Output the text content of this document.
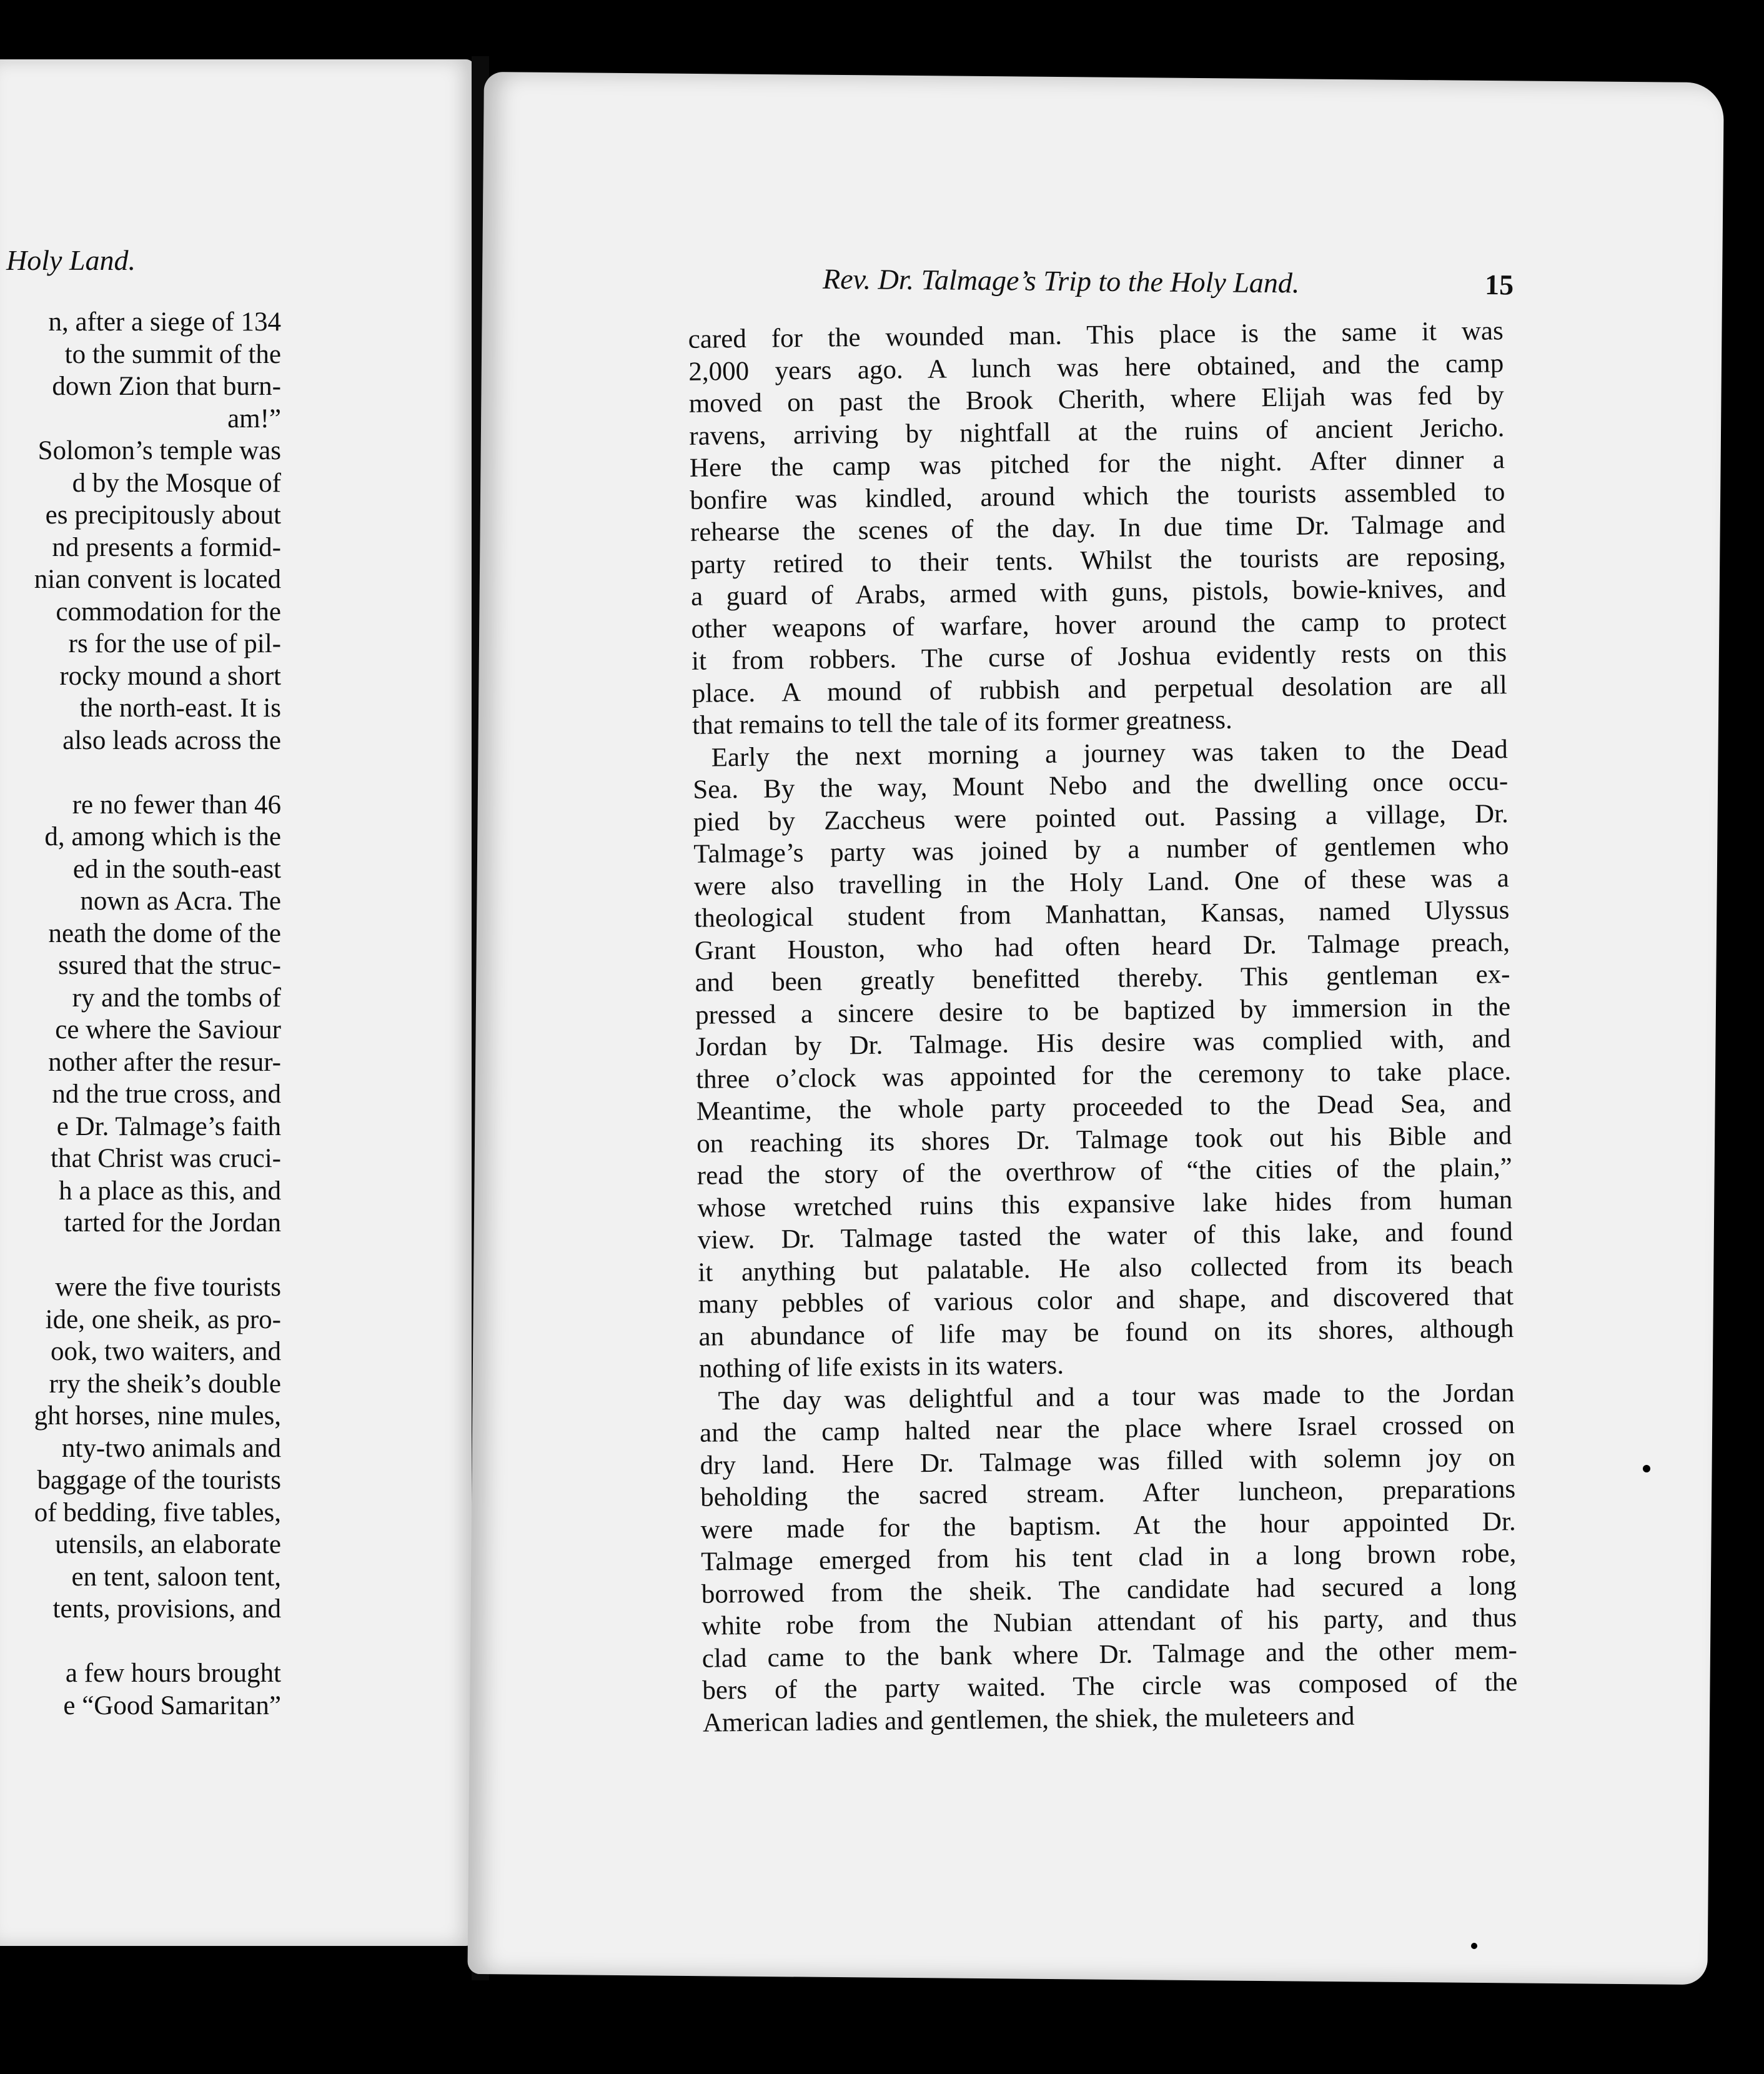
Holy Land.
n, after a siege of 134
to the summit of the
down Zion that burn-
am!”
Solomon’s temple was
d by the Mosque of
es precipitously about
nd presents a formid-
nian convent is located
commodation for the
rs for the use of pil-
rocky mound a short
the north-east. It is
also leads across the
re no fewer than 46
d, among which is the
ed in the south-east
nown as Acra. The
neath the dome of the
ssured that the struc-
ry and the tombs of
ce where the Saviour
nother after the resur-
nd the true cross, and
e Dr. Talmage’s faith
that Christ was cruci-
h a place as this, and
tarted for the Jordan
were the five tourists
ide, one sheik, as pro-
ook, two waiters, and
rry the sheik’s double
ght horses, nine mules,
nty-two animals and
baggage of the tourists
of bedding, five tables,
utensils, an elaborate
en tent, saloon tent,
tents, provisions, and
a few hours brought
e “Good Samaritan”
Rev. Dr. Talmage’s Trip to the Holy Land.	15
cared for the wounded man. This place is the same it was
2,000 years ago. A lunch was here obtained, and the camp
moved on past the Brook Cherith, where Elijah was fed by
ravens, arriving by nightfall at the ruins of ancient Jericho.
Here the camp was pitched for the night. After dinner a
bonfire was kindled, around which the tourists assembled to
rehearse the scenes of the day. In due time Dr. Talmage and
party retired to their tents. Whilst the tourists are reposing,
a guard of Arabs, armed with guns, pistols, bowie-knives, and
other weapons of warfare, hover around the camp to protect
it from robbers. The curse of Joshua evidently rests on this
place. A mound of rubbish and perpetual desolation are all
that remains to tell the tale of its former greatness.
Early the next morning a journey was taken to the Dead
Sea. By the way, Mount Nebo and the dwelling once occu-
pied by Zaccheus were pointed out. Passing a village, Dr.
Talmage’s party was joined by a number of gentlemen who
were also travelling in the Holy Land. One of these was a
theological student from Manhattan, Kansas, named Ulyssus
Grant Houston, who had often heard Dr. Talmage preach,
and been greatly benefitted thereby. This gentleman ex-
pressed a sincere desire to be baptized by immersion in the
Jordan by Dr. Talmage. His desire was complied with, and
three o’clock was appointed for the ceremony to take place.
Meantime, the whole party proceeded to the Dead Sea, and
on reaching its shores Dr. Talmage took out his Bible and
read the story of the overthrow of “the cities of the plain,”
whose wretched ruins this expansive lake hides from human
view. Dr. Talmage tasted the water of this lake, and found
it anything but palatable. He also collected from its beach
many pebbles of various color and shape, and discovered that
an abundance of life may be found on its shores, although
nothing of life exists in its waters.
The day was delightful and a tour was made to the Jordan
and the camp halted near the place where Israel crossed on
dry land. Here Dr. Talmage was filled with solemn joy on
beholding the sacred stream. After luncheon, preparations
were made for the baptism. At the hour appointed Dr.
Talmage emerged from his tent clad in a long brown robe,
borrowed from the sheik. The candidate had secured a long
white robe from the Nubian attendant of his party, and thus
clad came to the bank where Dr. Talmage and the other mem-
bers of the party waited. The circle was composed of the
American ladies and gentlemen, the shiek, the muleteers and
